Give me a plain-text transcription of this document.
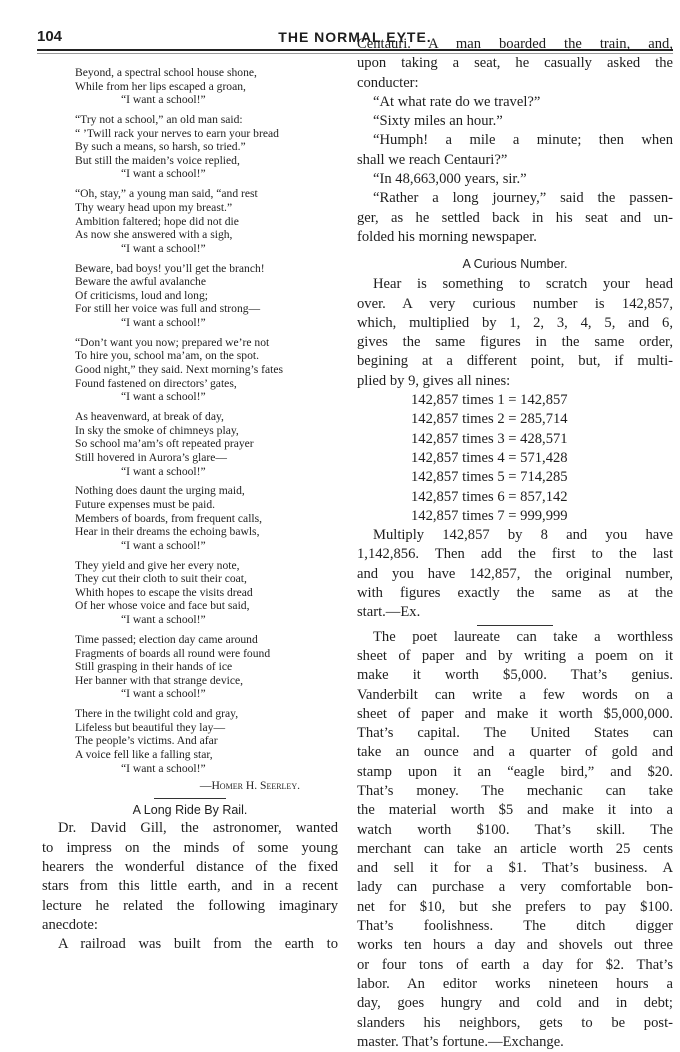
104	THE NORMAL EYTE.
Beyond, a spectral school house shone,
While from her lips escaped a groan,
“I want a school!”
“Try not a school,” an old man said:
“ ’Twill rack your nerves to earn your bread
By such a means, so harsh, so tried.”
But still the maiden’s voice replied,
“I want a school!”
“Oh, stay,” a young man said, “and rest
Thy weary head upon my breast.”
Ambition faltered; hope did not die
As now she answered with a sigh,
“I want a school!”
Beware, bad boys! you’ll get the branch!
Beware the awful avalanche
Of criticisms, loud and long;
For still her voice was full and strong—
“I want a school!”
“Don’t want you now; prepared we’re not
To hire you, school ma’am, on the spot.
Good night,” they said. Next morning’s fates
Found fastened on directors’ gates,
“I want a school!”
As heavenward, at break of day,
In sky the smoke of chimneys play,
So school ma’am’s oft repeated prayer
Still hovered in Aurora’s glare—
“I want a school!”
Nothing does daunt the urging maid,
Future expenses must be paid.
Members of boards, from frequent calls,
Hear in their dreams the echoing bawls,
“I want a school!”
They yield and give her every note,
They cut their cloth to suit their coat,
Whith hopes to escape the visits dread
Of her whose voice and face but said,
“I want a school!”
Time passed; election day came around
Fragments of boards all round were found
Still grasping in their hands of ice
Her banner with that strange device,
“I want a school!”
There in the twilight cold and gray,
Lifeless but beautiful they lay—
The people’s victims. And afar
A voice fell like a falling star,
“I want a school!”
—Homer H. Seerley.
A Long Ride By Rail.
Dr. David Gill, the astronomer, wanted
to impress on the minds of some young
hearers the wonderful distance of the fixed
stars from this little earth, and in a recent
lecture he related the following imaginary
anecdote:
A railroad was built from the earth to
Centauri. A man boarded the train, and,
upon taking a seat, he casually asked the
conducter:
“At what rate do we travel?”
“Sixty miles an hour.”
“Humph! a mile a minute; then when
shall we reach Centauri?”
“In 48,663,000 years, sir.”
“Rather a long journey,” said the passen-
ger, as he settled back in his seat and un-
folded his morning newspaper.
A Curious Number.
Hear is something to scratch your head
over. A very curious number is 142,857,
which, multiplied by 1, 2, 3, 4, 5, and 6,
gives the same figures in the same order,
begining at a different point, but, if multi-
plied by 9, gives all nines:
142,857 times 1 = 142,857
142,857 times 2 = 285,714
142,857 times 3 = 428,571
142,857 times 4 = 571,428
142,857 times 5 = 714,285
142,857 times 6 = 857,142
142,857 times 7 = 999,999
Multiply 142,857 by 8 and you have
1,142,856. Then add the first to the last
and you have 142,857, the original number,
with figures exactly the same as at the
start.—Ex.
The poet laureate can take a worthless
sheet of paper and by writing a poem on it
make it worth $5,000. That’s genius.
Vanderbilt can write a few words on a
sheet of paper and make it worth $5,000,000.
That’s capital. The United States can
take an ounce and a quarter of gold and
stamp upon it an “eagle bird,” and $20.
That’s money. The mechanic can take
the material worth $5 and make it into a
watch worth $100. That’s skill. The
merchant can take an article worth 25 cents
and sell it for a $1. That’s business. A
lady can purchase a very comfortable bon-
net for $10, but she prefers to pay $100.
That’s foolishness. The ditch digger
works ten hours a day and shovels out three
or four tons of earth a day for $2. That’s
labor. An editor works nineteen hours a
day, goes hungry and cold and in debt;
slanders his neighbors, gets to be post-
master. That’s fortune.—Exchange.
